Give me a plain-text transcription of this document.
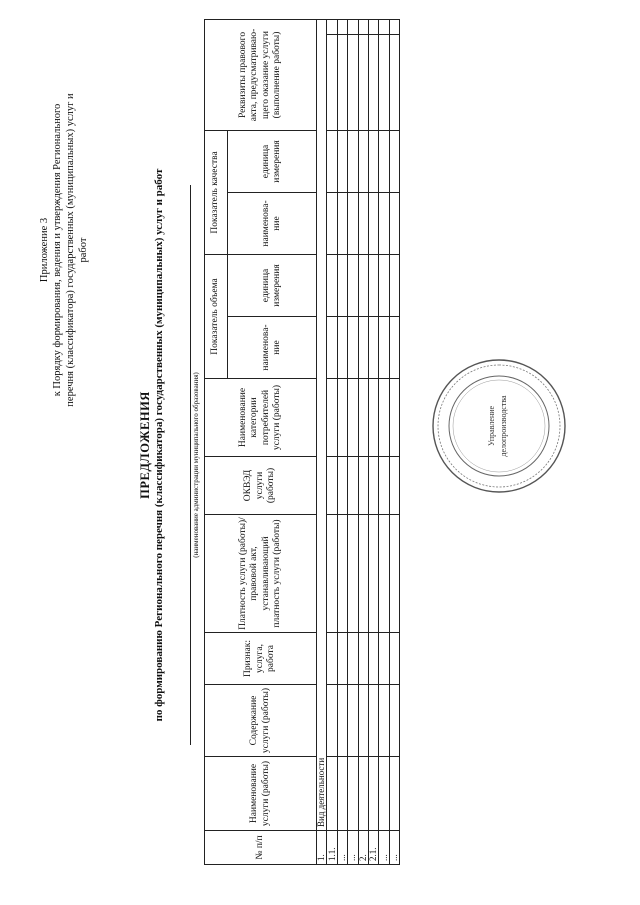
Приложение 3 к Порядку формирования, ведения и утверждения Регионального перечня (классификатора) государственных (муниципальных) услуг и работ
ПРЕДЛОЖЕНИЯ по формированию Регионального перечня (классификатора) государственных (муниципальных) услуг и работ	(наименование администрации муниципального образования)
№ п/п	Наименование услуги (работы)	Содержание услуги (работы)	Признак: услуга, работа	Платность услуги (работы)/правовой акт, устанавливающий платность услуги (работы)	ОКВЭД услуги (работы)	Наименование категории потребителей услуги (работы)	Показатель объема		Показатель качества		Реквизиты правового акта, предусматриваю-щего оказание услуги (выполнение работы)	
							наименова-ние	единица измерения	наименова-ние	единица измерения		
1.	Вид деятельности											
1.1.												
...												
...												
2.												
2.1.												
...												
...												
Управление делопроизводства
